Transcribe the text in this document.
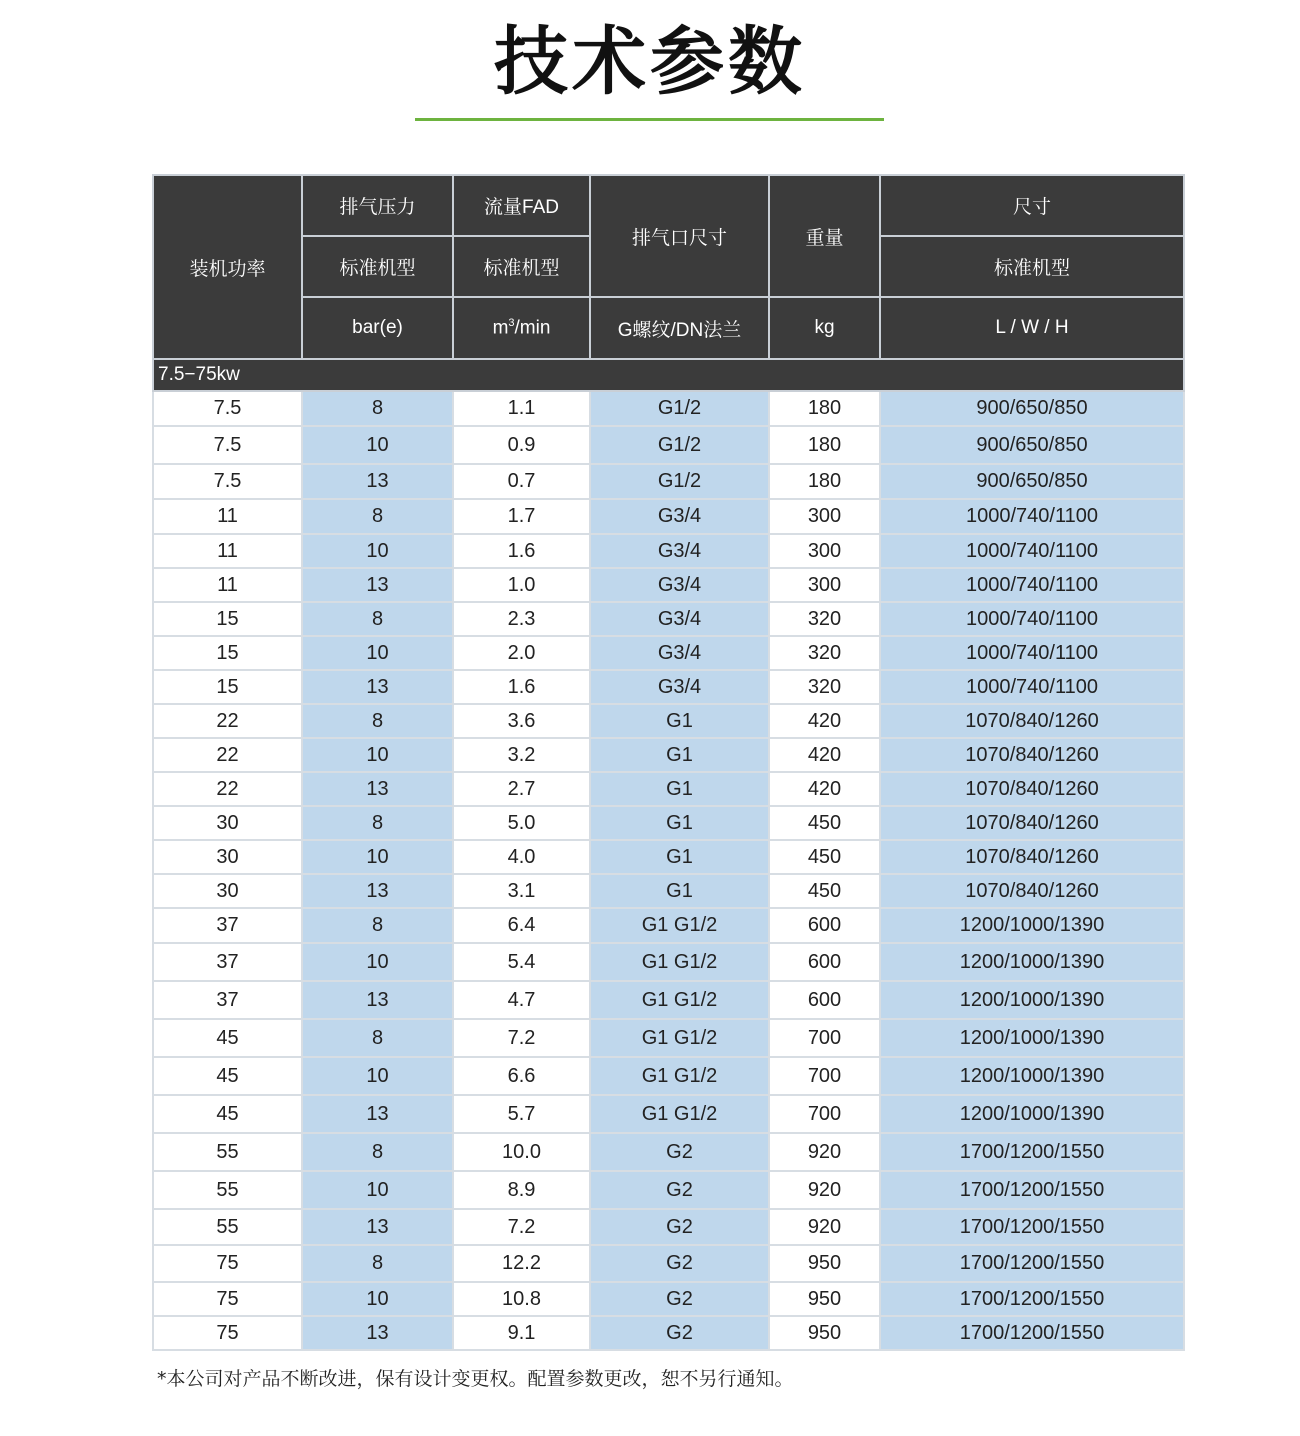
技术参数
装机功率	排气压力	流量FAD	排气口尺寸	重量	尺寸
	标准机型	标准机型			标准机型
	bar(e)	$m^3/\min$	G螺纹/DN法兰	kg	L / W / H
7.5−75kw					
7.5	8	1.1	G1/2	180	900/650/850
7.5	10	0.9	G1/2	180	900/650/850
7.5	13	0.7	G1/2	180	900/650/850
11	8	1.7	G3/4	300	1000/740/1100
11	10	1.6	G3/4	300	1000/740/1100
11	13	1.0	G3/4	300	1000/740/1100
15	8	2.3	G3/4	320	1000/740/1100
15	10	2.0	G3/4	320	1000/740/1100
15	13	1.6	G3/4	320	1000/740/1100
22	8	3.6	G1	420	1070/840/1260
22	10	3.2	G1	420	1070/840/1260
22	13	2.7	G1	420	1070/840/1260
30	8	5.0	G1	450	1070/840/1260
30	10	4.0	G1	450	1070/840/1260
30	13	3.1	G1	450	1070/840/1260
37	8	6.4	G1 G1/2	600	1200/1000/1390
37	10	5.4	G1 G1/2	600	1200/1000/1390
37	13	4.7	G1 G1/2	600	1200/1000/1390
45	8	7.2	G1 G1/2	700	1200/1000/1390
45	10	6.6	G1 G1/2	700	1200/1000/1390
45	13	5.7	G1 G1/2	700	1200/1000/1390
55	8	10.0	G2	920	1700/1200/1550
55	10	8.9	G2	920	1700/1200/1550
55	13	7.2	G2	920	1700/1200/1550
75	8	12.2	G2	950	1700/1200/1550
75	10	10.8	G2	950	1700/1200/1550
75	13	9.1	G2	950	1700/1200/1550
*本公司对产品不断改进，保有设计变更权。配置参数更改，恕不另行通知。
